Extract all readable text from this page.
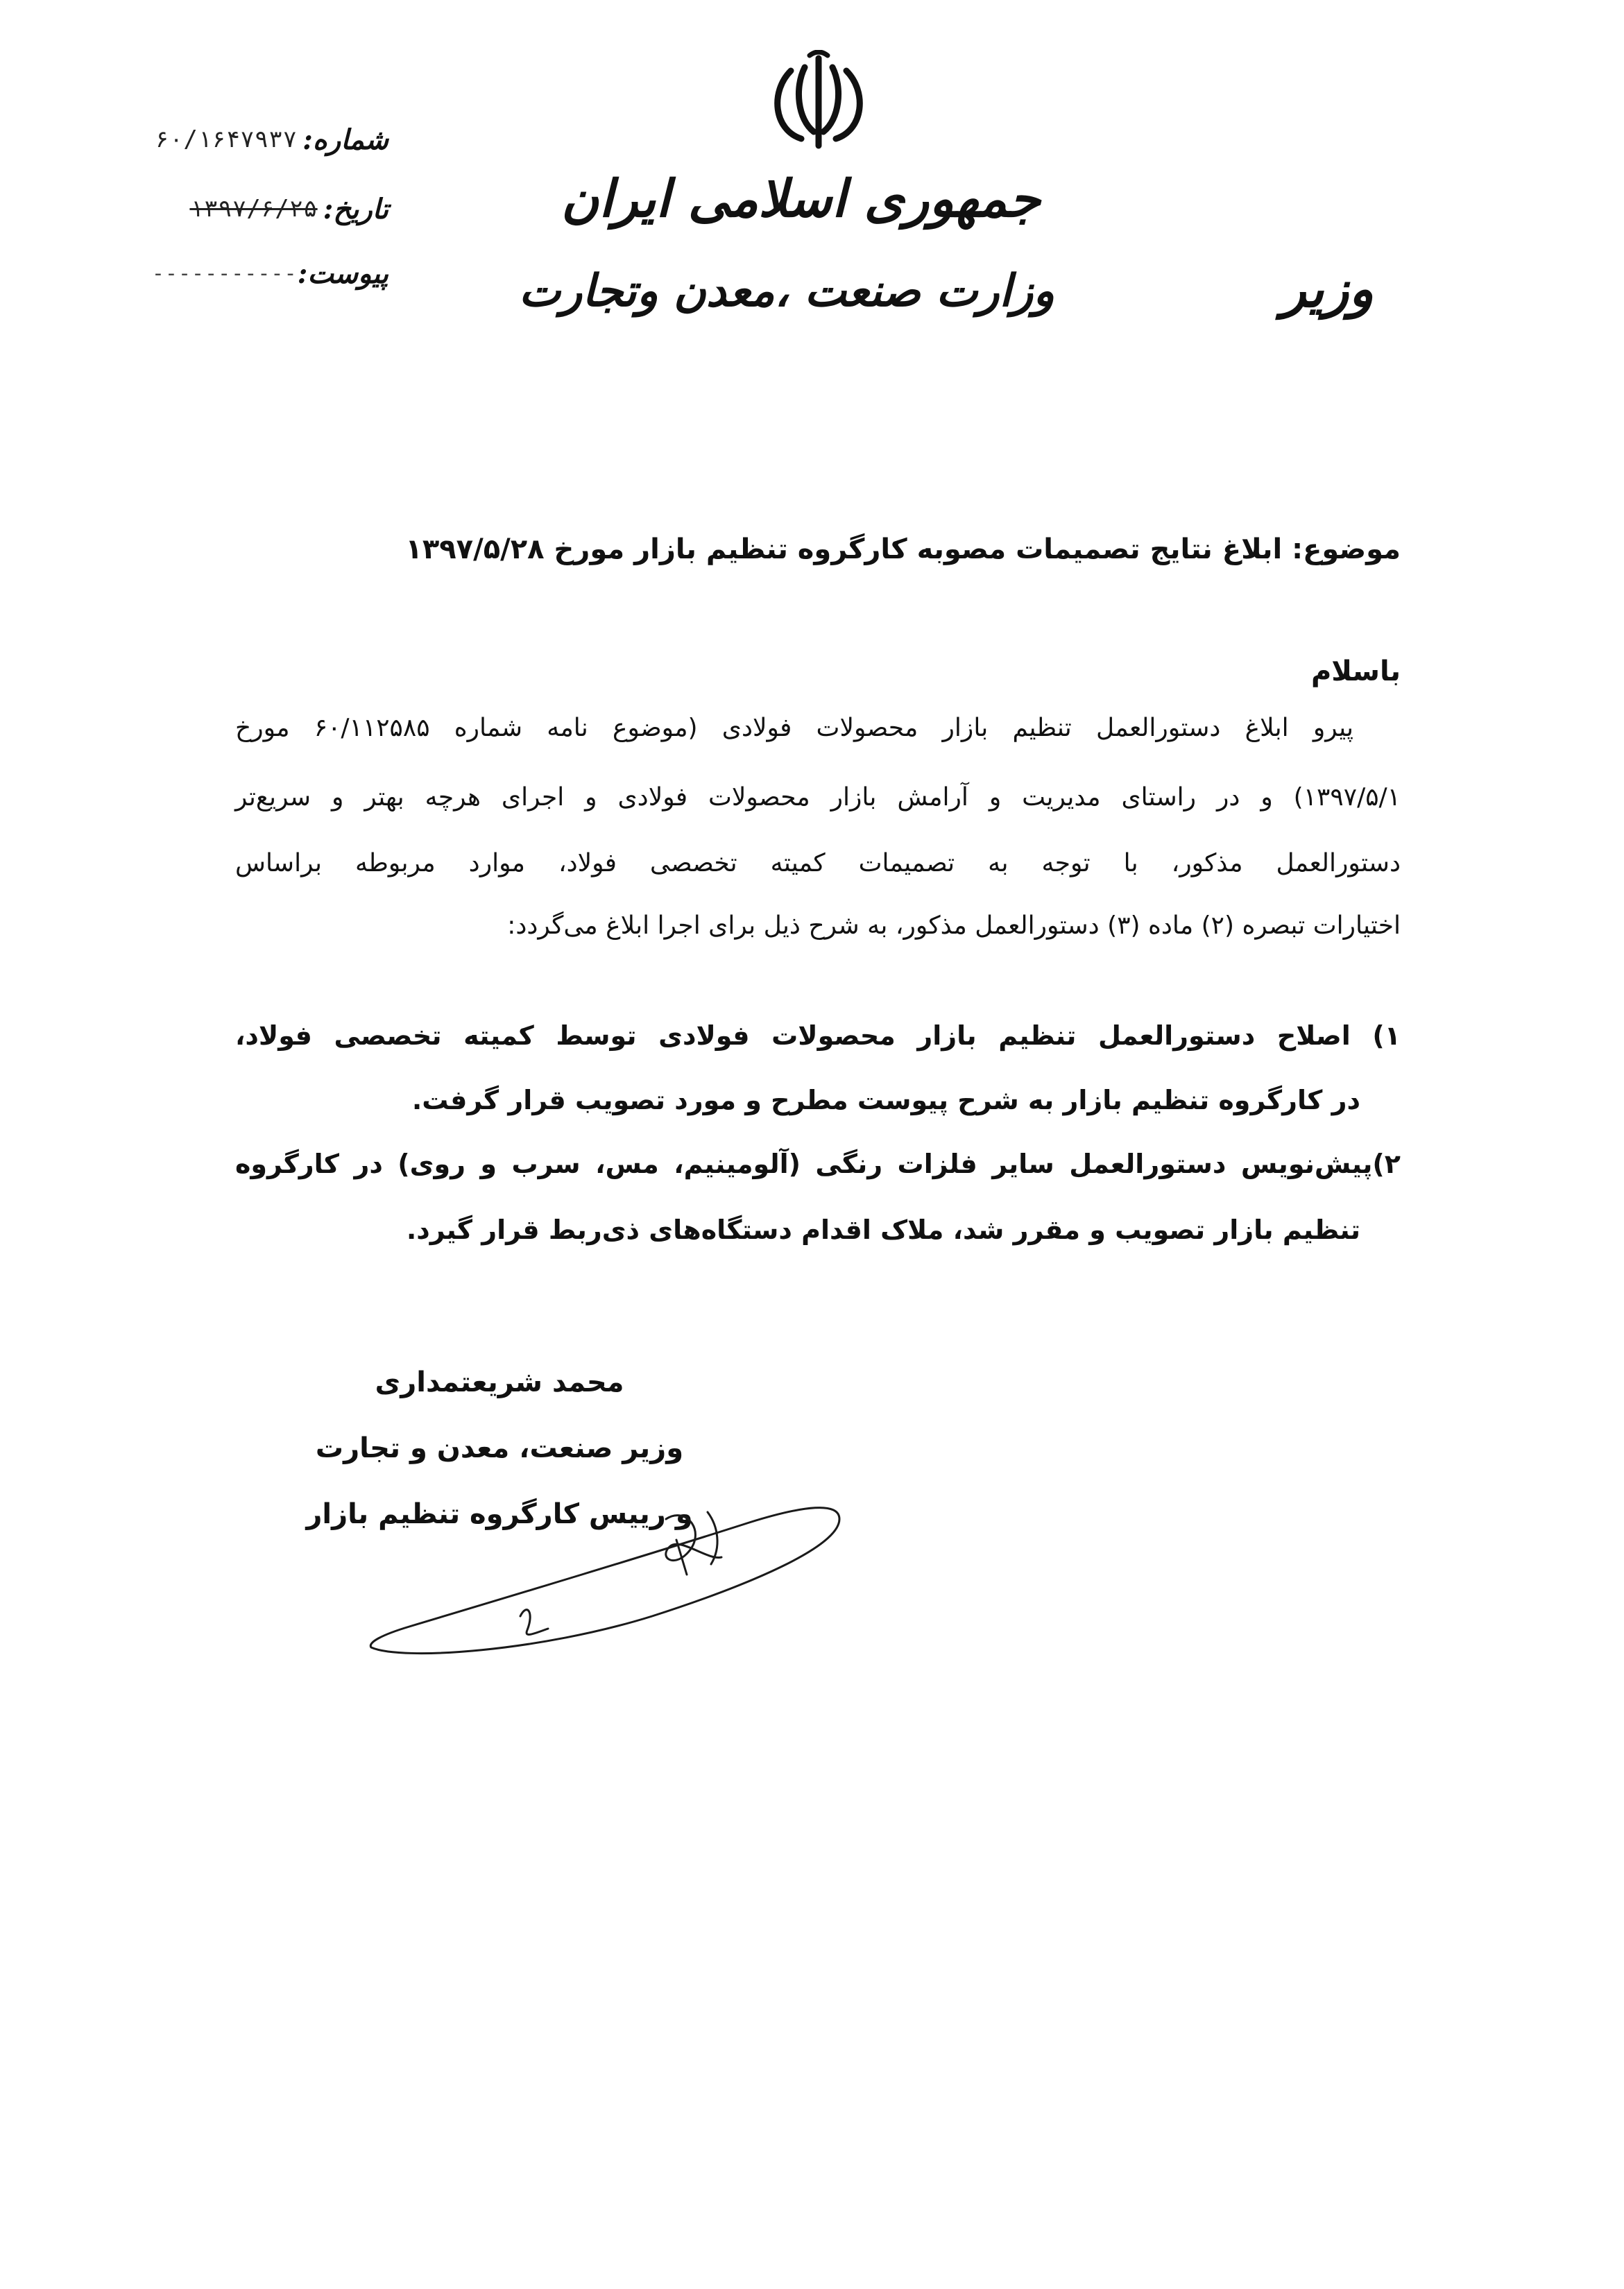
جمهوری اسلامی ایران
وزارت صنعت ،معدن وتجارت	وزیر
شماره:
۶۰/۱۶۴۷۹۳۷
تاریخ:
۱۳۹۷/۶/۲۵
پیوست:
-----------
موضوع: ابلاغ نتایج تصمیمات مصوبه کارگروه تنظیم بازار مورخ ۱۳۹۷/۵/۲۸
باسلام
پیرو ابلاغ دستورالعمل تنظیم بازار محصولات فولادی (موضوع نامه شماره ۶۰/۱۱۲۵۸۵ مورخ
۱۳۹۷/۵/۱) و در راستای مدیریت و آرامش بازار محصولات فولادی و اجرای هرچه بهتر و سریع‌تر
دستورالعمل مذکور، با توجه به تصمیمات کمیته تخصصی فولاد، موارد مربوطه براساس
اختیارات تبصره (۲) ماده (۳) دستورالعمل مذکور، به شرح ذیل برای اجرا ابلاغ می‌گردد:
۱) اصلاح دستورالعمل تنظیم بازار محصولات فولادی توسط کمیته تخصصی فولاد،
در کارگروه تنظیم بازار به شرح پیوست مطرح و مورد تصویب قرار گرفت.
۲)پیش‌نویس دستورالعمل سایر فلزات رنگی (آلومینیم، مس، سرب و روی) در کارگروه
تنظیم بازار تصویب و مقرر شد، ملاک اقدام دستگاه‌های ذی‌ربط قرار گیرد.
محمد شریعتمداری
وزیر صنعت، معدن و تجارت
و رییس کارگروه تنظیم بازار
